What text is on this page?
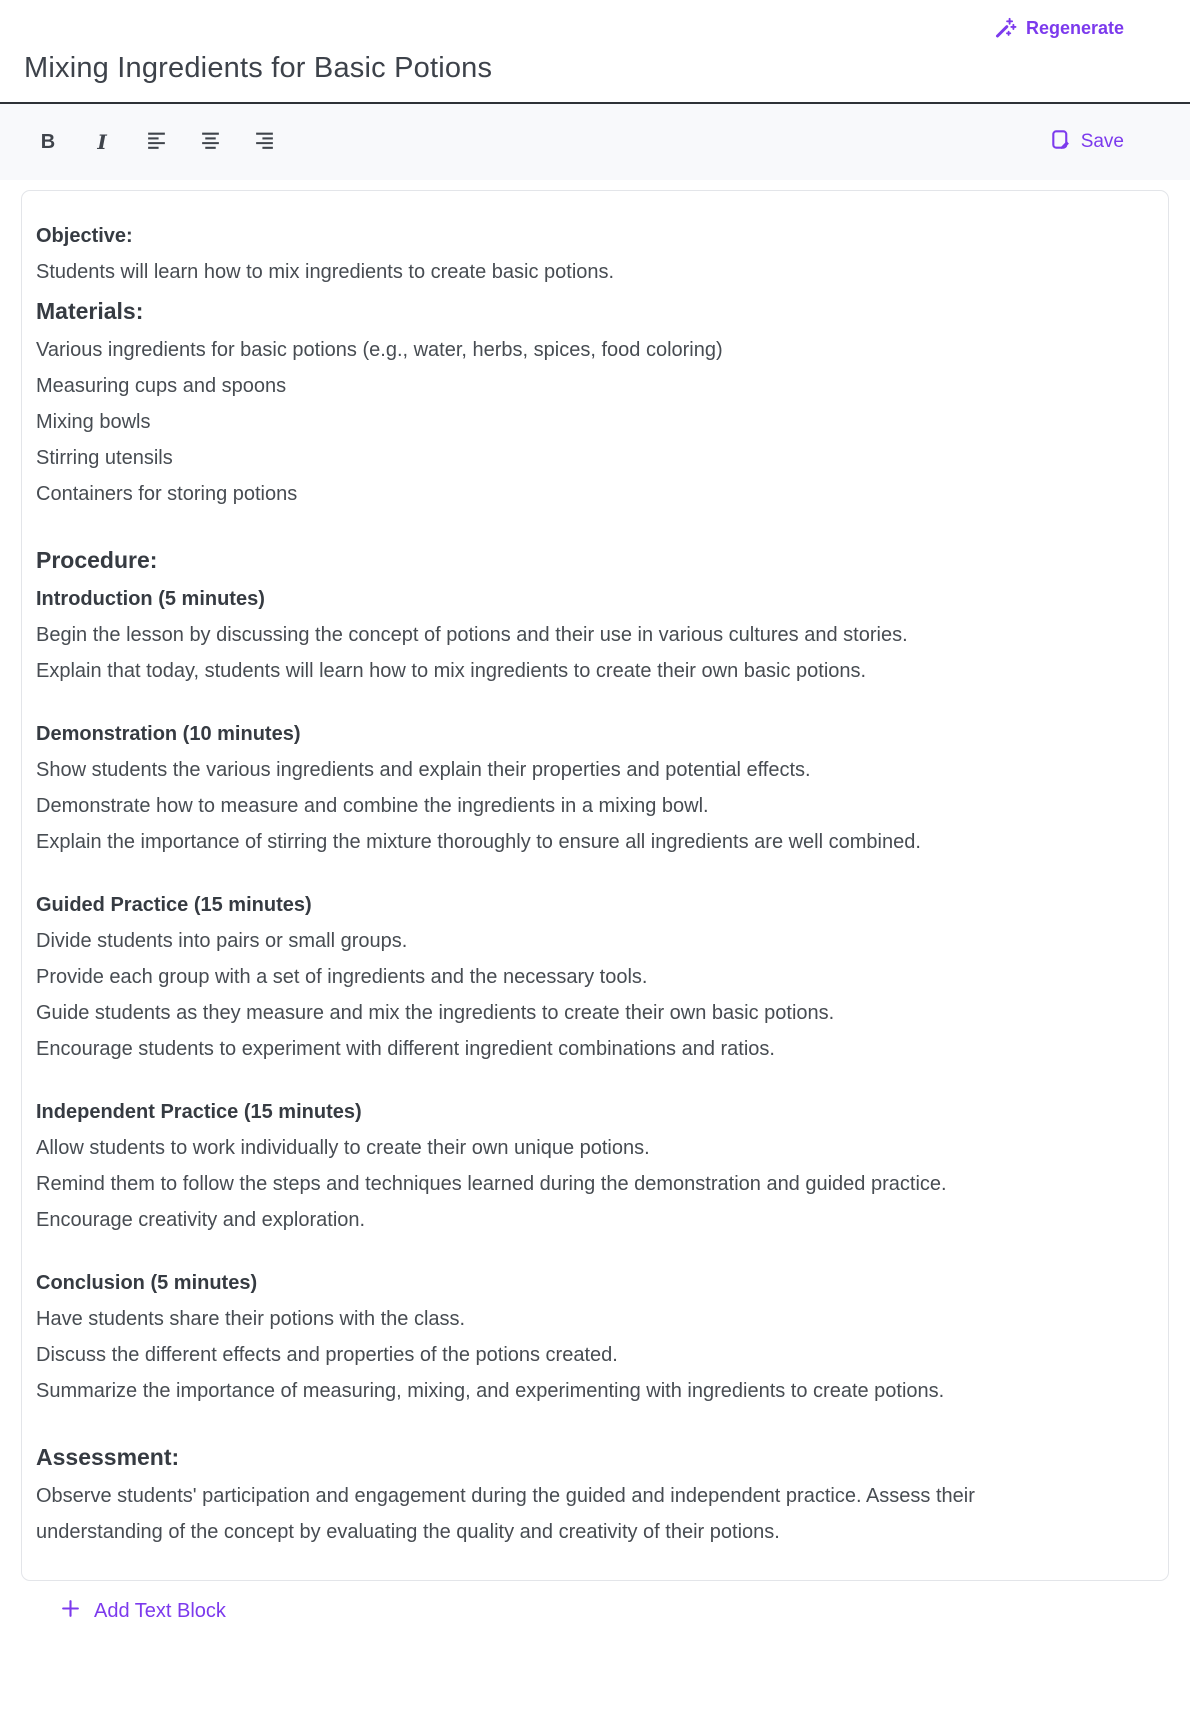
Regenerate
Mixing Ingredients for Basic Potions
B I	Save
Objective:
Students will learn how to mix ingredients to create basic potions.
Materials:
Various ingredients for basic potions (e.g., water, herbs, spices, food coloring)
Measuring cups and spoons
Mixing bowls
Stirring utensils
Containers for storing potions
Procedure:
Introduction (5 minutes)
Begin the lesson by discussing the concept of potions and their use in various cultures and stories.
Explain that today, students will learn how to mix ingredients to create their own basic potions.
Demonstration (10 minutes)
Show students the various ingredients and explain their properties and potential effects.
Demonstrate how to measure and combine the ingredients in a mixing bowl.
Explain the importance of stirring the mixture thoroughly to ensure all ingredients are well combined.
Guided Practice (15 minutes)
Divide students into pairs or small groups.
Provide each group with a set of ingredients and the necessary tools.
Guide students as they measure and mix the ingredients to create their own basic potions.
Encourage students to experiment with different ingredient combinations and ratios.
Independent Practice (15 minutes)
Allow students to work individually to create their own unique potions.
Remind them to follow the steps and techniques learned during the demonstration and guided practice.
Encourage creativity and exploration.
Conclusion (5 minutes)
Have students share their potions with the class.
Discuss the different effects and properties of the potions created.
Summarize the importance of measuring, mixing, and experimenting with ingredients to create potions.
Assessment:
Observe students' participation and engagement during the guided and independent practice. Assess their understanding of the concept by evaluating the quality and creativity of their potions.
Add Text Block
